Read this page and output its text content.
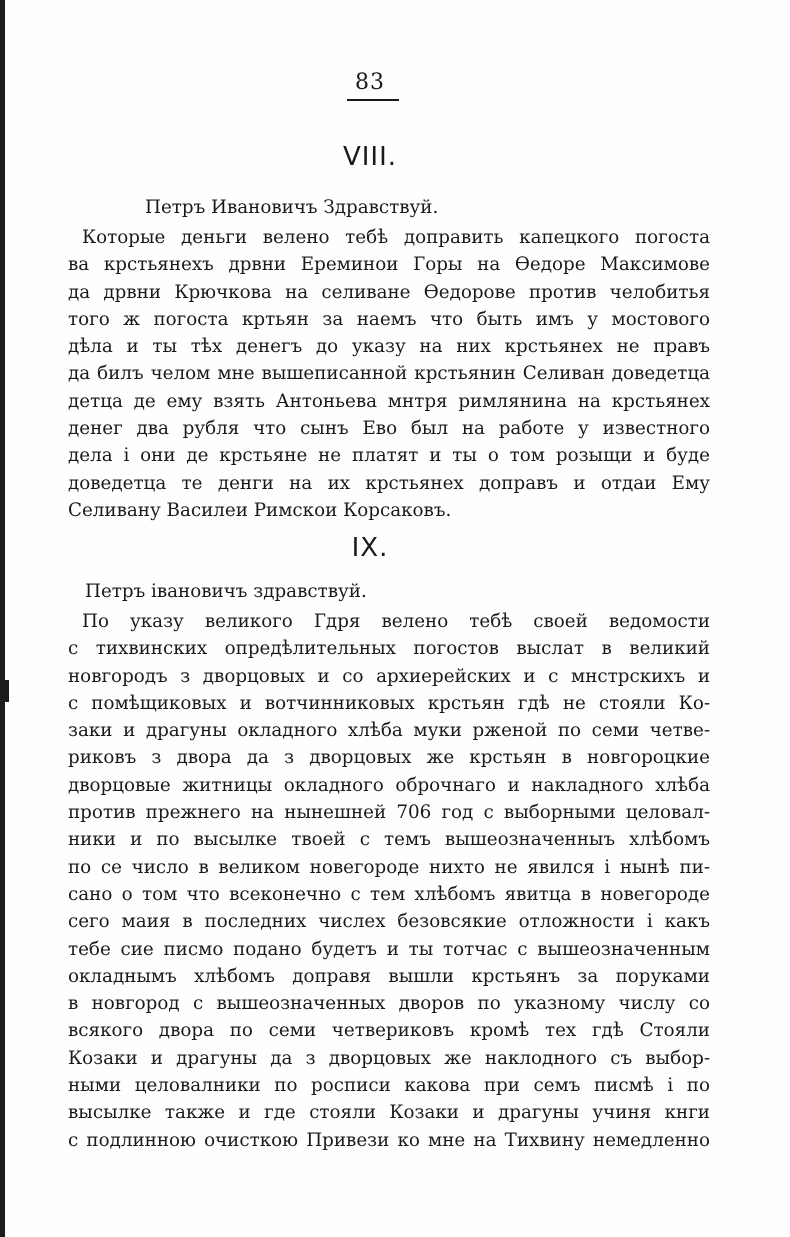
83
VIII.
Петръ Ивановичъ Здравствуй.
Которые деньги велено тебѣ доправить капецкого погоста
ва крстьянехъ дрвни Ереминои Горы на Ѳедоре Максимове
да дрвни Крючкова на селиване Ѳедорове против челобитья
того ж погоста кртьян за наемъ что быть имъ у мостового
дѣла и ты тѣх денегъ до указу на них крстьянех не правъ
да билъ челом мне вышеписанной крстьянин Селиван доведетца
детца де ему взять Антоньева мнтря римлянина на крстьянех
денег два рубля что сынъ Ево был на работе у известного
дела і они де крстьяне не платят и ты о том розыщи и буде
доведетца те денги на их крстьянех доправъ и отдаи Ему
Селивану Василеи Римскои Корсаковъ.
IX.
Петръ івановичъ здравствуй.
По указу великого Гдря велено тебѣ своей ведомости
с тихвинских опредѣлительных погостов выслат в великий
новгородъ з дворцовых и со архиерейских и с мнстрскихъ и
с помѣщиковых и вотчинниковых крстьян гдѣ не стояли Ко-
заки и драгуны окладного хлѣба муки рженой по семи четве-
риковъ з двора да з дворцовых же крстьян в новгороцкие
дворцовые житницы окладного оброчнаго и накладного хлѣба
против прежнего на нынешней 706 год с выборными целовал-
ники и по высылке твоей с темъ вышеозначенныъ хлѣбомъ
по се число в великом новегороде нихто не явился і нынѣ пи-
сано о том что всеконечно с тем хлѣбомъ явитца в новегороде
сего маия в последних числех безовсякие отложности і какъ
тебе сие писмо подано будетъ и ты тотчас с вышеозначенным
окладнымъ хлѣбомъ доправя вышли крстьянъ за поруками
в новгород с вышеозначенных дворов по указному числу со
всякого двора по семи четвериковъ кромѣ тех гдѣ Стояли
Козаки и драгуны да з дворцовых же наклодного съ выбор-
ными целовалники по росписи какова при семъ писмѣ і по
высылке также и где стояли Козаки и драгуны учиня кнги
с подлинною очисткою Привези ко мне на Тихвину немедленно
